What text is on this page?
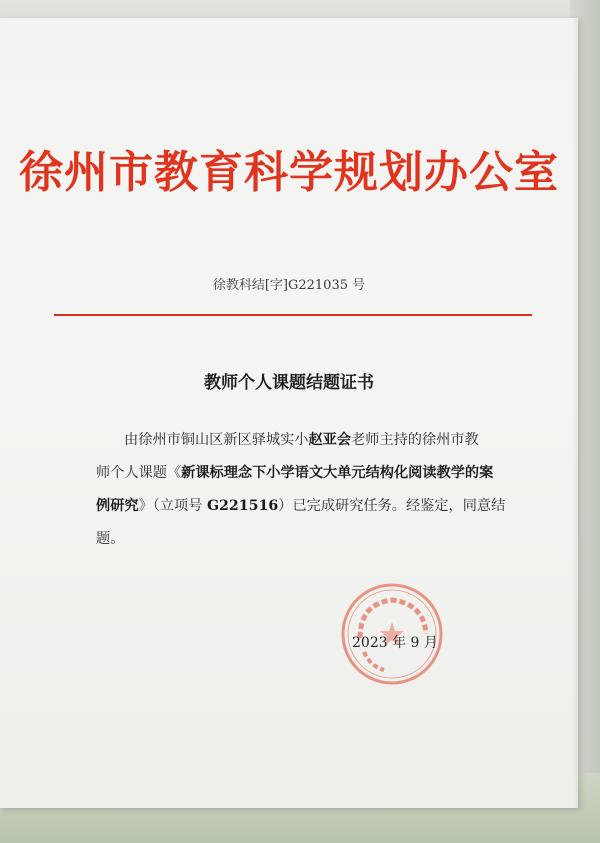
徐州市教育科学规划办公室
徐教科结[字]G221035 号
教师个人课题结题证书
由徐州市铜山区新区驿城实小赵亚会老师主持的徐州市教
师个人课题《新课标理念下小学语文大单元结构化阅读教学的案
例研究》（立项号 G221516）已完成研究任务。经鉴定，同意结
题。
2023 年 9 月
